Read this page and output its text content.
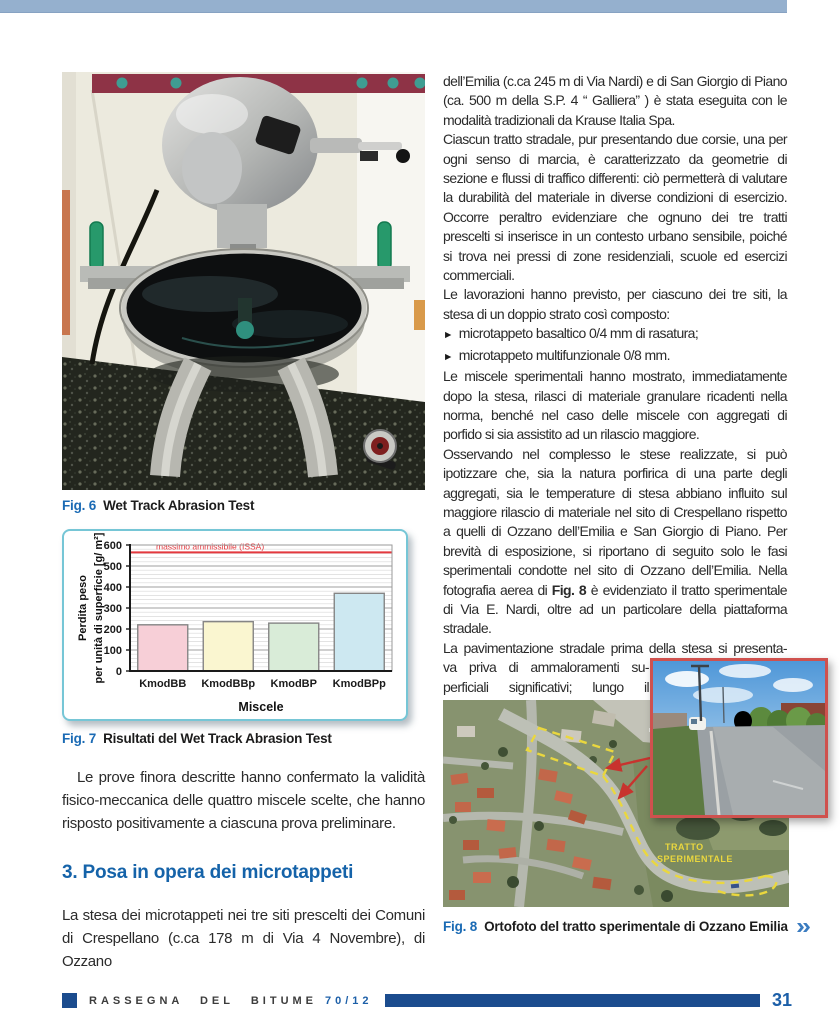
Fig. 6 Wet Track Abrasion Test
KmodBB KmodBBp KmodBP KmodBPp
massimo ammissibile (ISSA)
0
100
200
300
400
500
600
Miscele
Perdita peso per unità di superficie [g/ m²]
Fig. 7 Risultati del Wet Track Abrasion Test

Le prove finora descritte hanno confermato la validità fisico-meccanica delle quattro miscele scelte, che hanno risposto positivamente a ciascuna prova preliminare.

3. Posa in opera dei microtappeti

La stesa dei microtappeti nei tre siti prescelti dei Comuni di Crespellano (c.ca 178 m di Via 4 Novembre), di Ozzano

dell’Emilia (c.ca 245 m di Via Nardi) e di San Giorgio di Piano (ca. 500 m della S.P. 4 “ Galliera” ) è stata eseguita con le modalità tradizionali da Krause Italia Spa.

Ciascun tratto stradale, pur presentando due corsie, una per ogni senso di marcia, è caratterizzato da geometrie di sezione e flussi di traffico differenti: ciò permetterà di valutare la durabilità del materiale in diverse condizioni di esercizio. Occorre peraltro evidenziare che ognuno dei tre tratti prescelti si inserisce in un contesto urbano sensibile, poiché si trova nei pressi di zone residenziali, scuole ed esercizi commerciali.

Le lavorazioni hanno previsto, per ciascuno dei tre siti, la stesa di un doppio strato così composto:

► microtappeto basaltico 0/4 mm di rasatura;
► microtappeto multifunzionale 0/8 mm.

Le miscele sperimentali hanno mostrato, immediatamente dopo la stesa, rilasci di materiale granulare ricadenti nella norma, benché nel caso delle miscele con aggregati di porfido si sia assistito ad un rilascio maggiore.

Osservando nel complesso le stese realizzate, si può ipotizzare che, sia la natura porfirica di una parte degli aggregati, sia le temperature di stesa abbiano influito sul maggiore rilascio di materiale nel sito di Crespellano rispetto a quelli di Ozzano dell’Emilia e San Giorgio di Piano. Per brevità di esposizione, si riportano di seguito solo le fasi sperimentali condotte nel sito di Ozzano dell’Emilia. Nella fotografia aerea di Fig. 8 è evidenziato il tratto sperimentale di Via E. Nardi, oltre ad un particolare della piattaforma stradale.

La pavimentazione stradale prima della stesa si presenta-
va priva di ammaloramenti su-
perficiali significativi; lungo il
TRATTO
SPERIMENTALE
Fig. 8 Ortofoto del tratto sperimentale di Ozzano Emilia »
RASSEGNA DEL BITUME 70/12	31
